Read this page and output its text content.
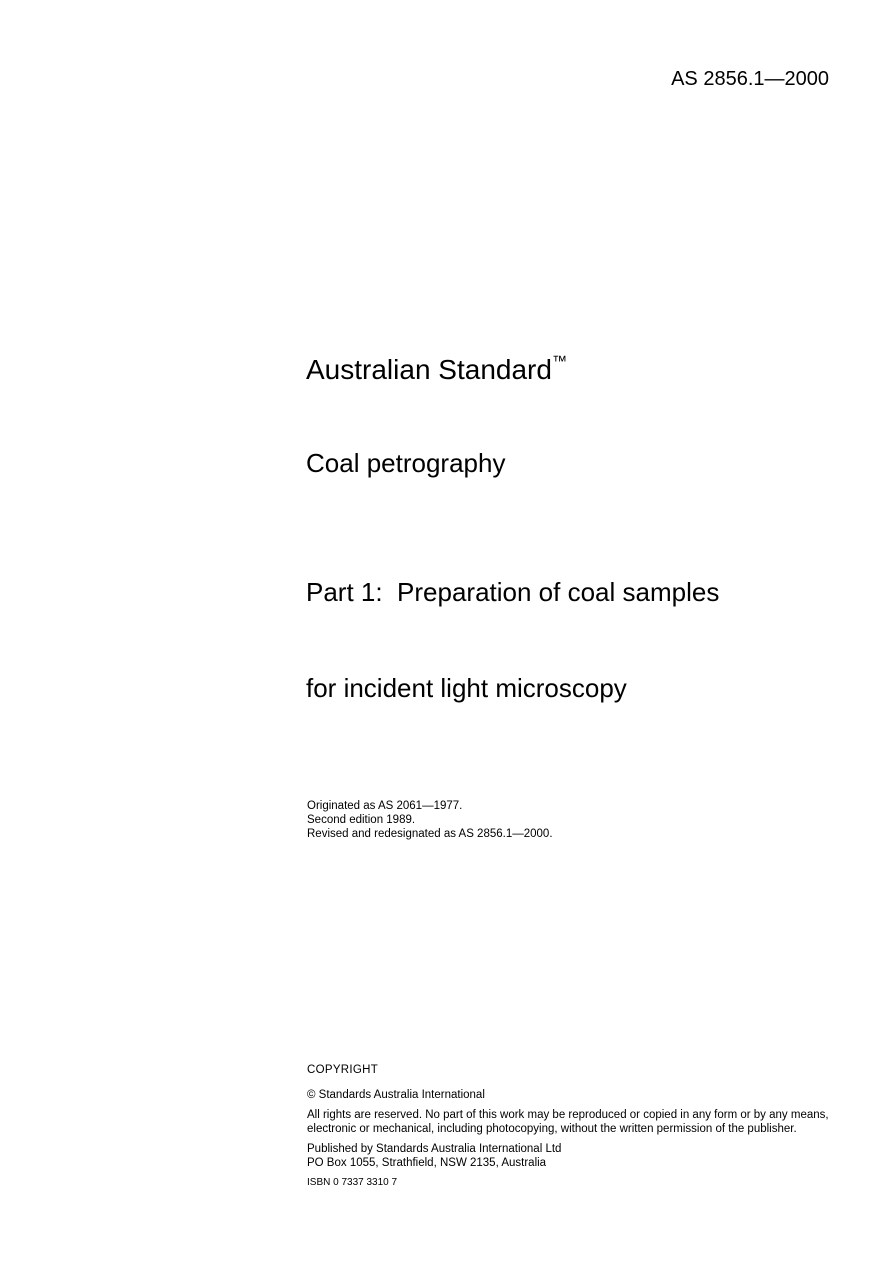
AS 2856.1—2000
Australian Standard™
Coal petrography

Part 1:  Preparation of coal samples

for incident light microscopy

Originated as AS 2061—1977.
Second edition 1989.
Revised and redesignated as AS 2856.1—2000.
COPYRIGHT
© Standards Australia International
All rights are reserved. No part of this work may be reproduced or copied in any form or by any means, electronic or mechanical, including photocopying, without the written permission of the publisher.
Published by Standards Australia International Ltd
PO Box 1055, Strathfield, NSW 2135, Australia
ISBN 0 7337 3310 7
